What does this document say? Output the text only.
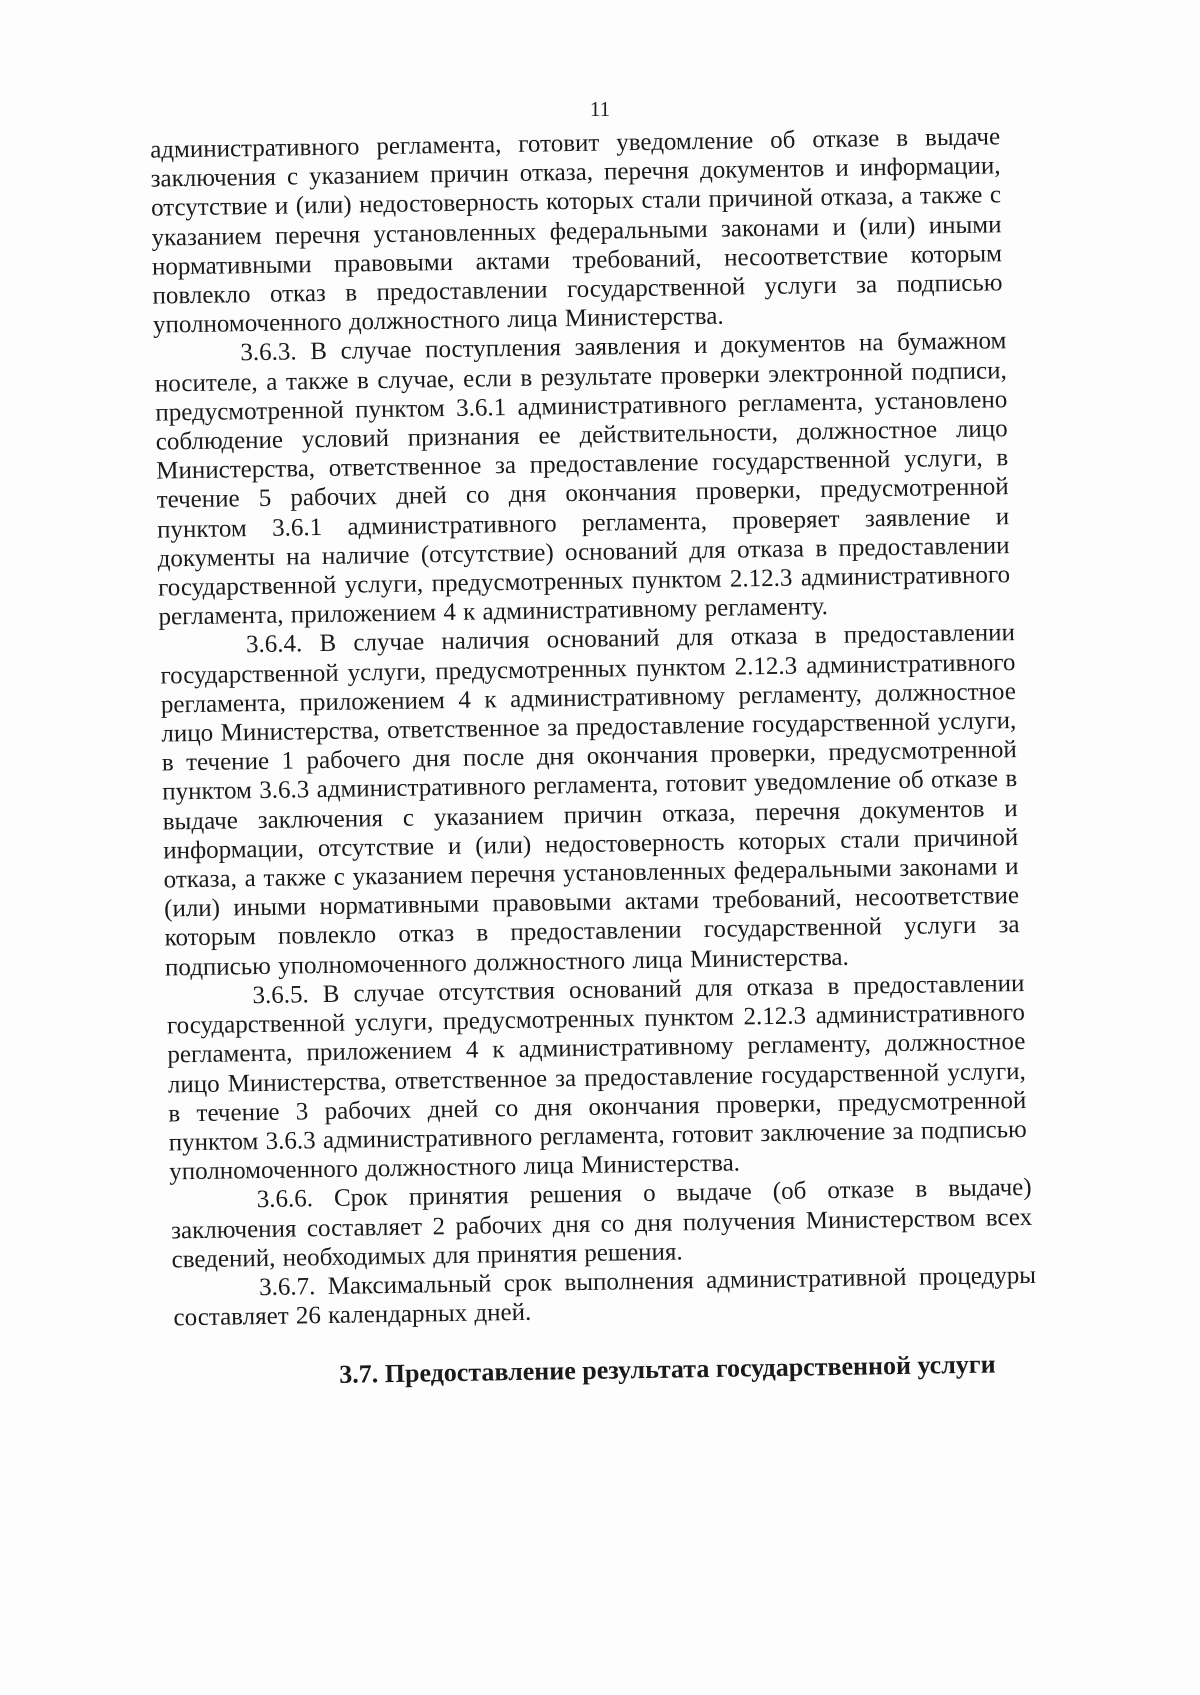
11

административного регламента, готовит уведомление об отказе в выдаче заключения с указанием причин отказа, перечня документов и информации, отсутствие и (или) недостоверность которых стали причиной отказа, а также с указанием перечня установленных федеральными законами и (или) иными нормативными правовыми актами требований, несоответствие которым повлекло отказ в предоставлении государственной услуги за подписью уполномоченного должностного лица Министерства.

3.6.3. В случае поступления заявления и документов на бумажном носителе, а также в случае, если в результате проверки электронной подписи, предусмотренной пунктом 3.6.1 административного регламента, установлено соблюдение условий признания ее действительности, должностное лицо Министерства, ответственное за предоставление государственной услуги, в течение 5 рабочих дней со дня окончания проверки, предусмотренной пунктом 3.6.1 административного регламента, проверяет заявление и документы на наличие (отсутствие) оснований для отказа в предоставлении государственной услуги, предусмотренных пунктом 2.12.3 административного регламента, приложением 4 к административному регламенту.

3.6.4. В случае наличия оснований для отказа в предоставлении государственной услуги, предусмотренных пунктом 2.12.3 административного регламента, приложением 4 к административному регламенту, должностное лицо Министерства, ответственное за предоставление государственной услуги, в течение 1 рабочего дня после дня окончания проверки, предусмотренной пунктом 3.6.3 административного регламента, готовит уведомление об отказе в выдаче заключения с указанием причин отказа, перечня документов и информации, отсутствие и (или) недостоверность которых стали причиной отказа, а также с указанием перечня установленных федеральными законами и (или) иными нормативными правовыми актами требований, несоответствие которым повлекло отказ в предоставлении государственной услуги за подписью уполномоченного должностного лица Министерства.

3.6.5. В случае отсутствия оснований для отказа в предоставлении государственной услуги, предусмотренных пунктом 2.12.3 административного регламента, приложением 4 к административному регламенту, должностное лицо Министерства, ответственное за предоставление государственной услуги, в течение 3 рабочих дней со дня окончания проверки, предусмотренной пунктом 3.6.3 административного регламента, готовит заключение за подписью уполномоченного должностного лица Министерства.

3.6.6. Срок принятия решения о выдаче (об отказе в выдаче) заключения составляет 2 рабочих дня со дня получения Министерством всех сведений, необходимых для принятия решения.

3.6.7. Максимальный срок выполнения административной процедуры составляет 26 календарных дней.

3.7. Предоставление результата государственной услуги
